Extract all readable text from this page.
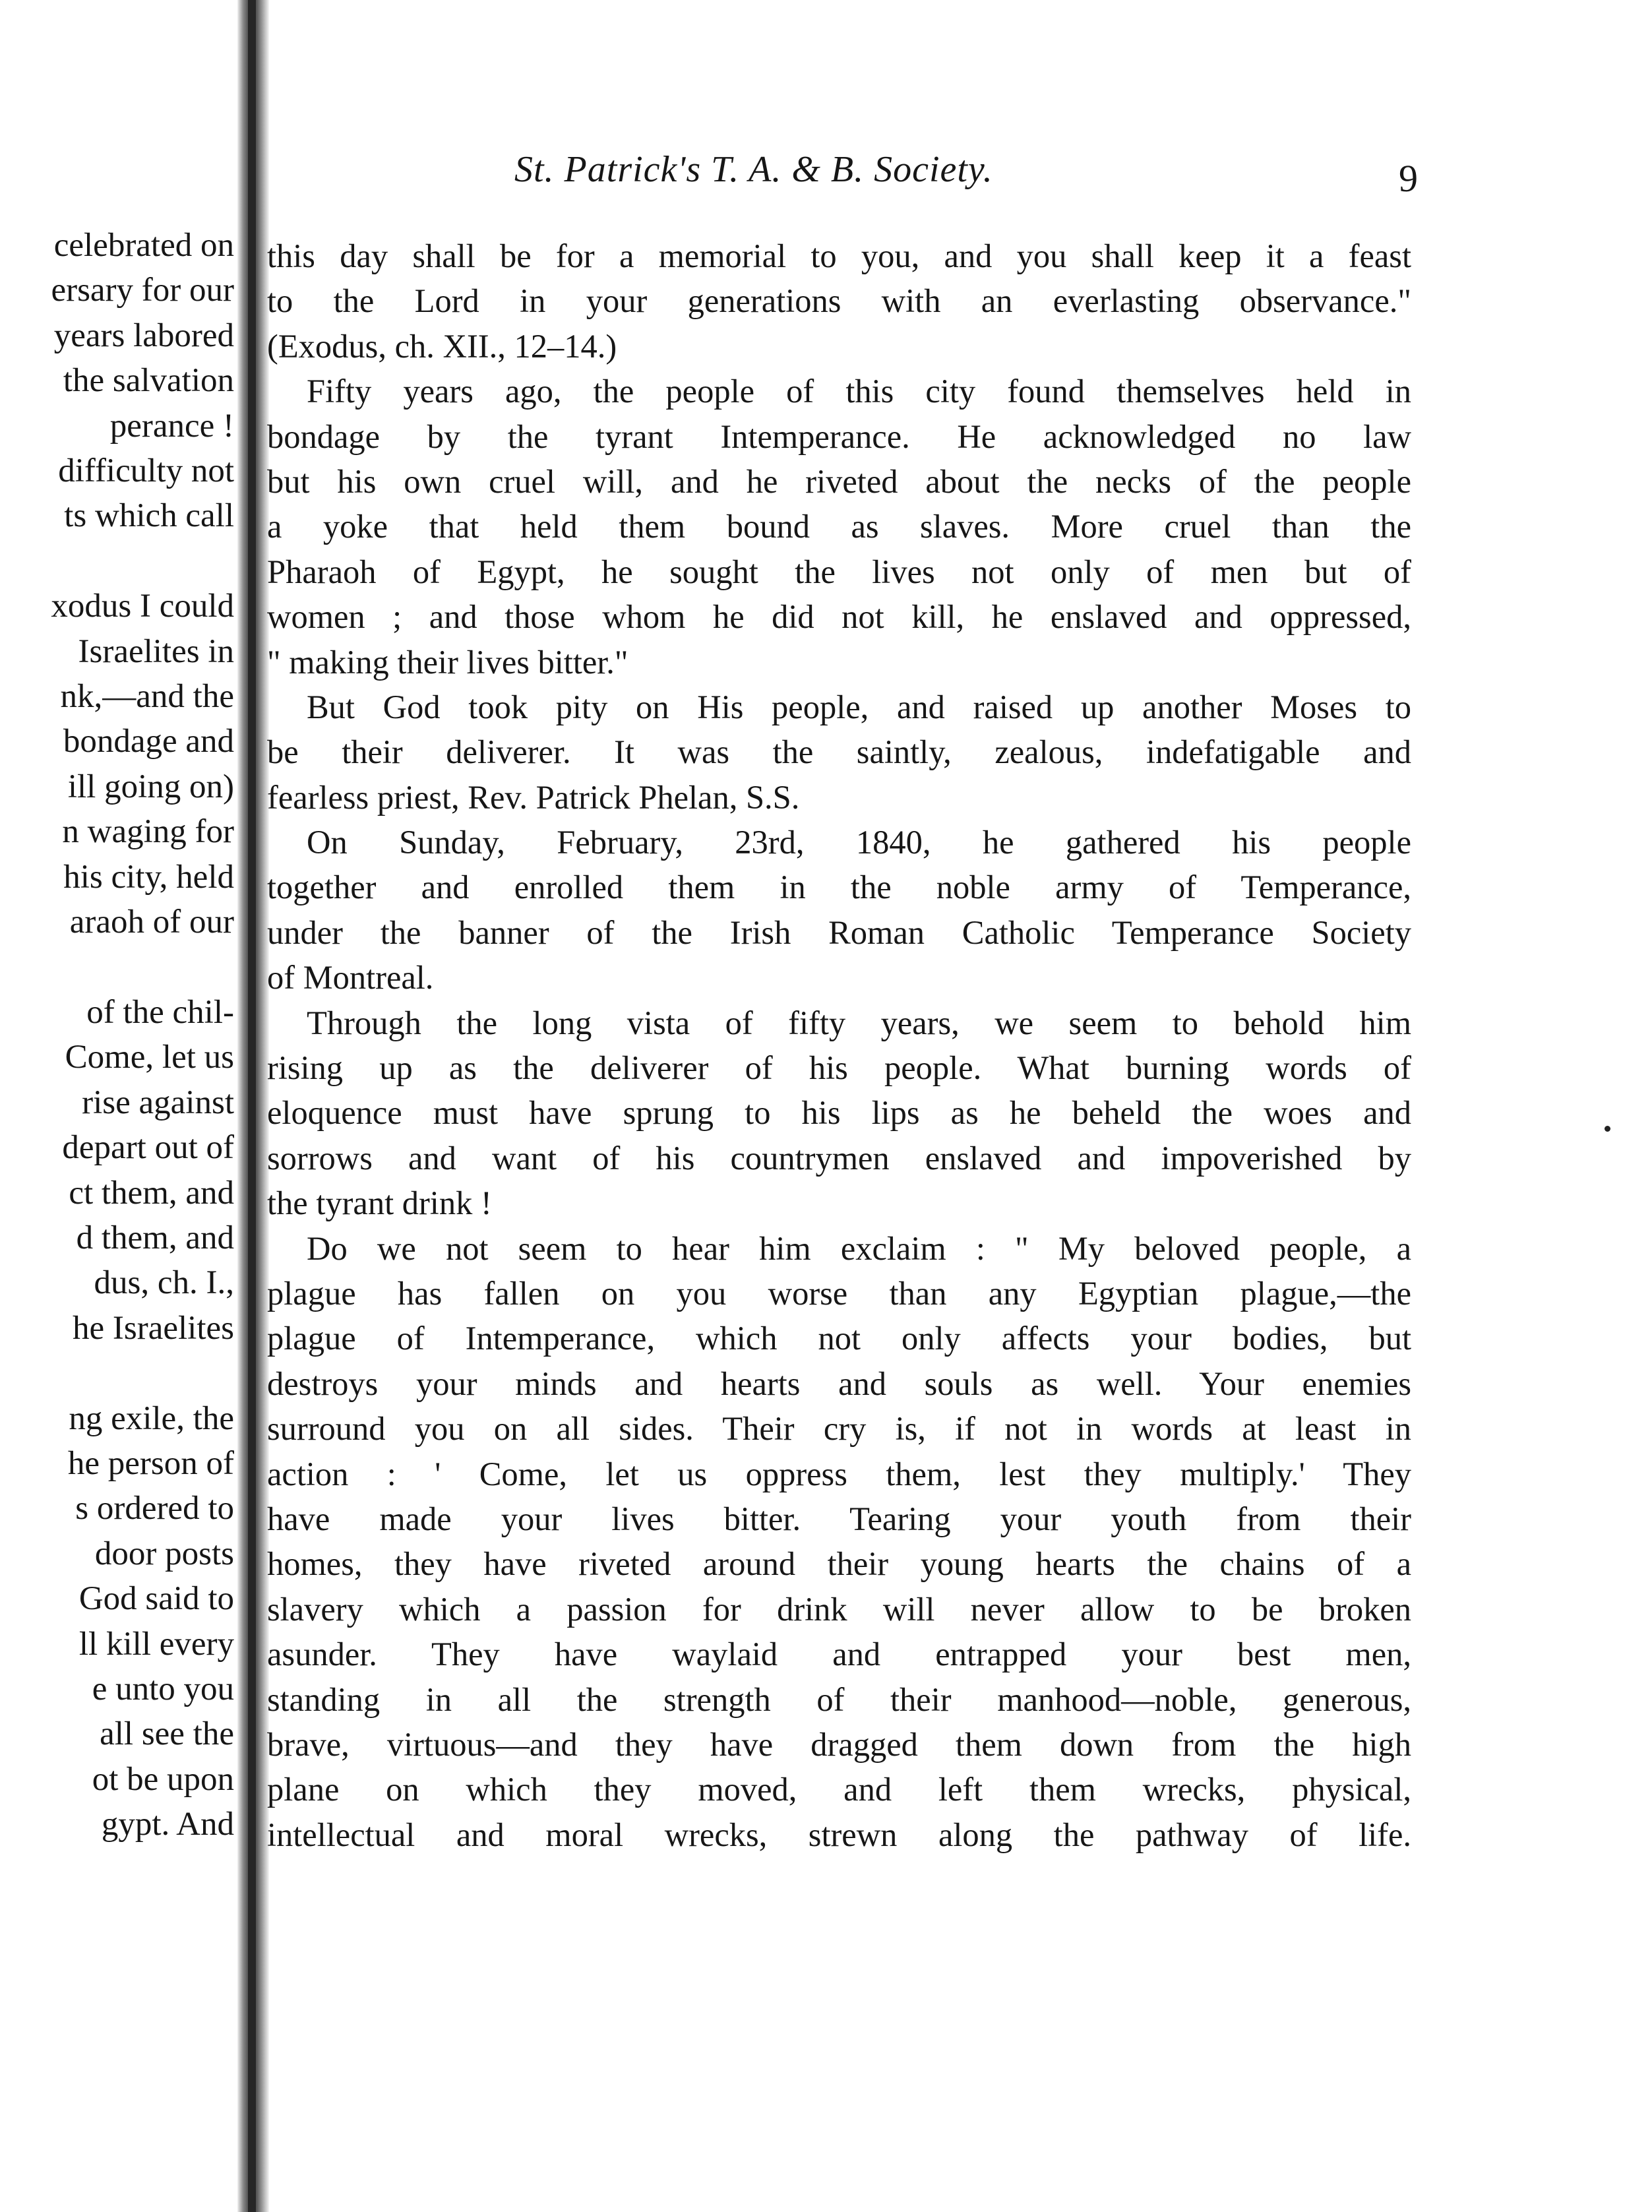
celebrated on
ersary for our
years labored
the salvation
perance !
difficulty not
ts which call
xodus I could
Israelites in
nk,—and the
bondage and
ill going on)
n waging for
his city, held
araoh of our
of the chil-
Come, let us
rise against
depart out of
ct them, and
d them, and
dus, ch. I.,
he Israelites
ng exile, the
he person of
s ordered to
door posts
God said to
ll kill every
e unto you
all see the
ot be upon
gypt. And
St. Patrick's T. A. & B. Society.	9
this day shall be for a memorial to you, and you shall keep it a feast
to the Lord in your generations with an everlasting observance."
(Exodus, ch. XII., 12–14.)
Fifty years ago, the people of this city found themselves held in
bondage by the tyrant Intemperance. He acknowledged no law
but his own cruel will, and he riveted about the necks of the people
a yoke that held them bound as slaves. More cruel than the
Pharaoh of Egypt, he sought the lives not only of men but of
women ; and those whom he did not kill, he enslaved and oppressed,
" making their lives bitter."
But God took pity on His people, and raised up another Moses to
be their deliverer. It was the saintly, zealous, indefatigable and
fearless priest, Rev. Patrick Phelan, S.S.
On Sunday, February, 23rd, 1840, he gathered his people
together and enrolled them in the noble army of Temperance,
under the banner of the Irish Roman Catholic Temperance Society
of Montreal.
Through the long vista of fifty years, we seem to behold him
rising up as the deliverer of his people. What burning words of
eloquence must have sprung to his lips as he beheld the woes and
sorrows and want of his countrymen enslaved and impoverished by
the tyrant drink !
Do we not seem to hear him exclaim : " My beloved people, a
plague has fallen on you worse than any Egyptian plague,—the
plague of Intemperance, which not only affects your bodies, but
destroys your minds and hearts and souls as well. Your enemies
surround you on all sides. Their cry is, if not in words at least in
action : ' Come, let us oppress them, lest they multiply.' They
have made your lives bitter. Tearing your youth from their
homes, they have riveted around their young hearts the chains of a
slavery which a passion for drink will never allow to be broken
asunder. They have waylaid and entrapped your best men,
standing in all the strength of their manhood—noble, generous,
brave, virtuous—and they have dragged them down from the high
plane on which they moved, and left them wrecks, physical,
intellectual and moral wrecks, strewn along the pathway of life.
